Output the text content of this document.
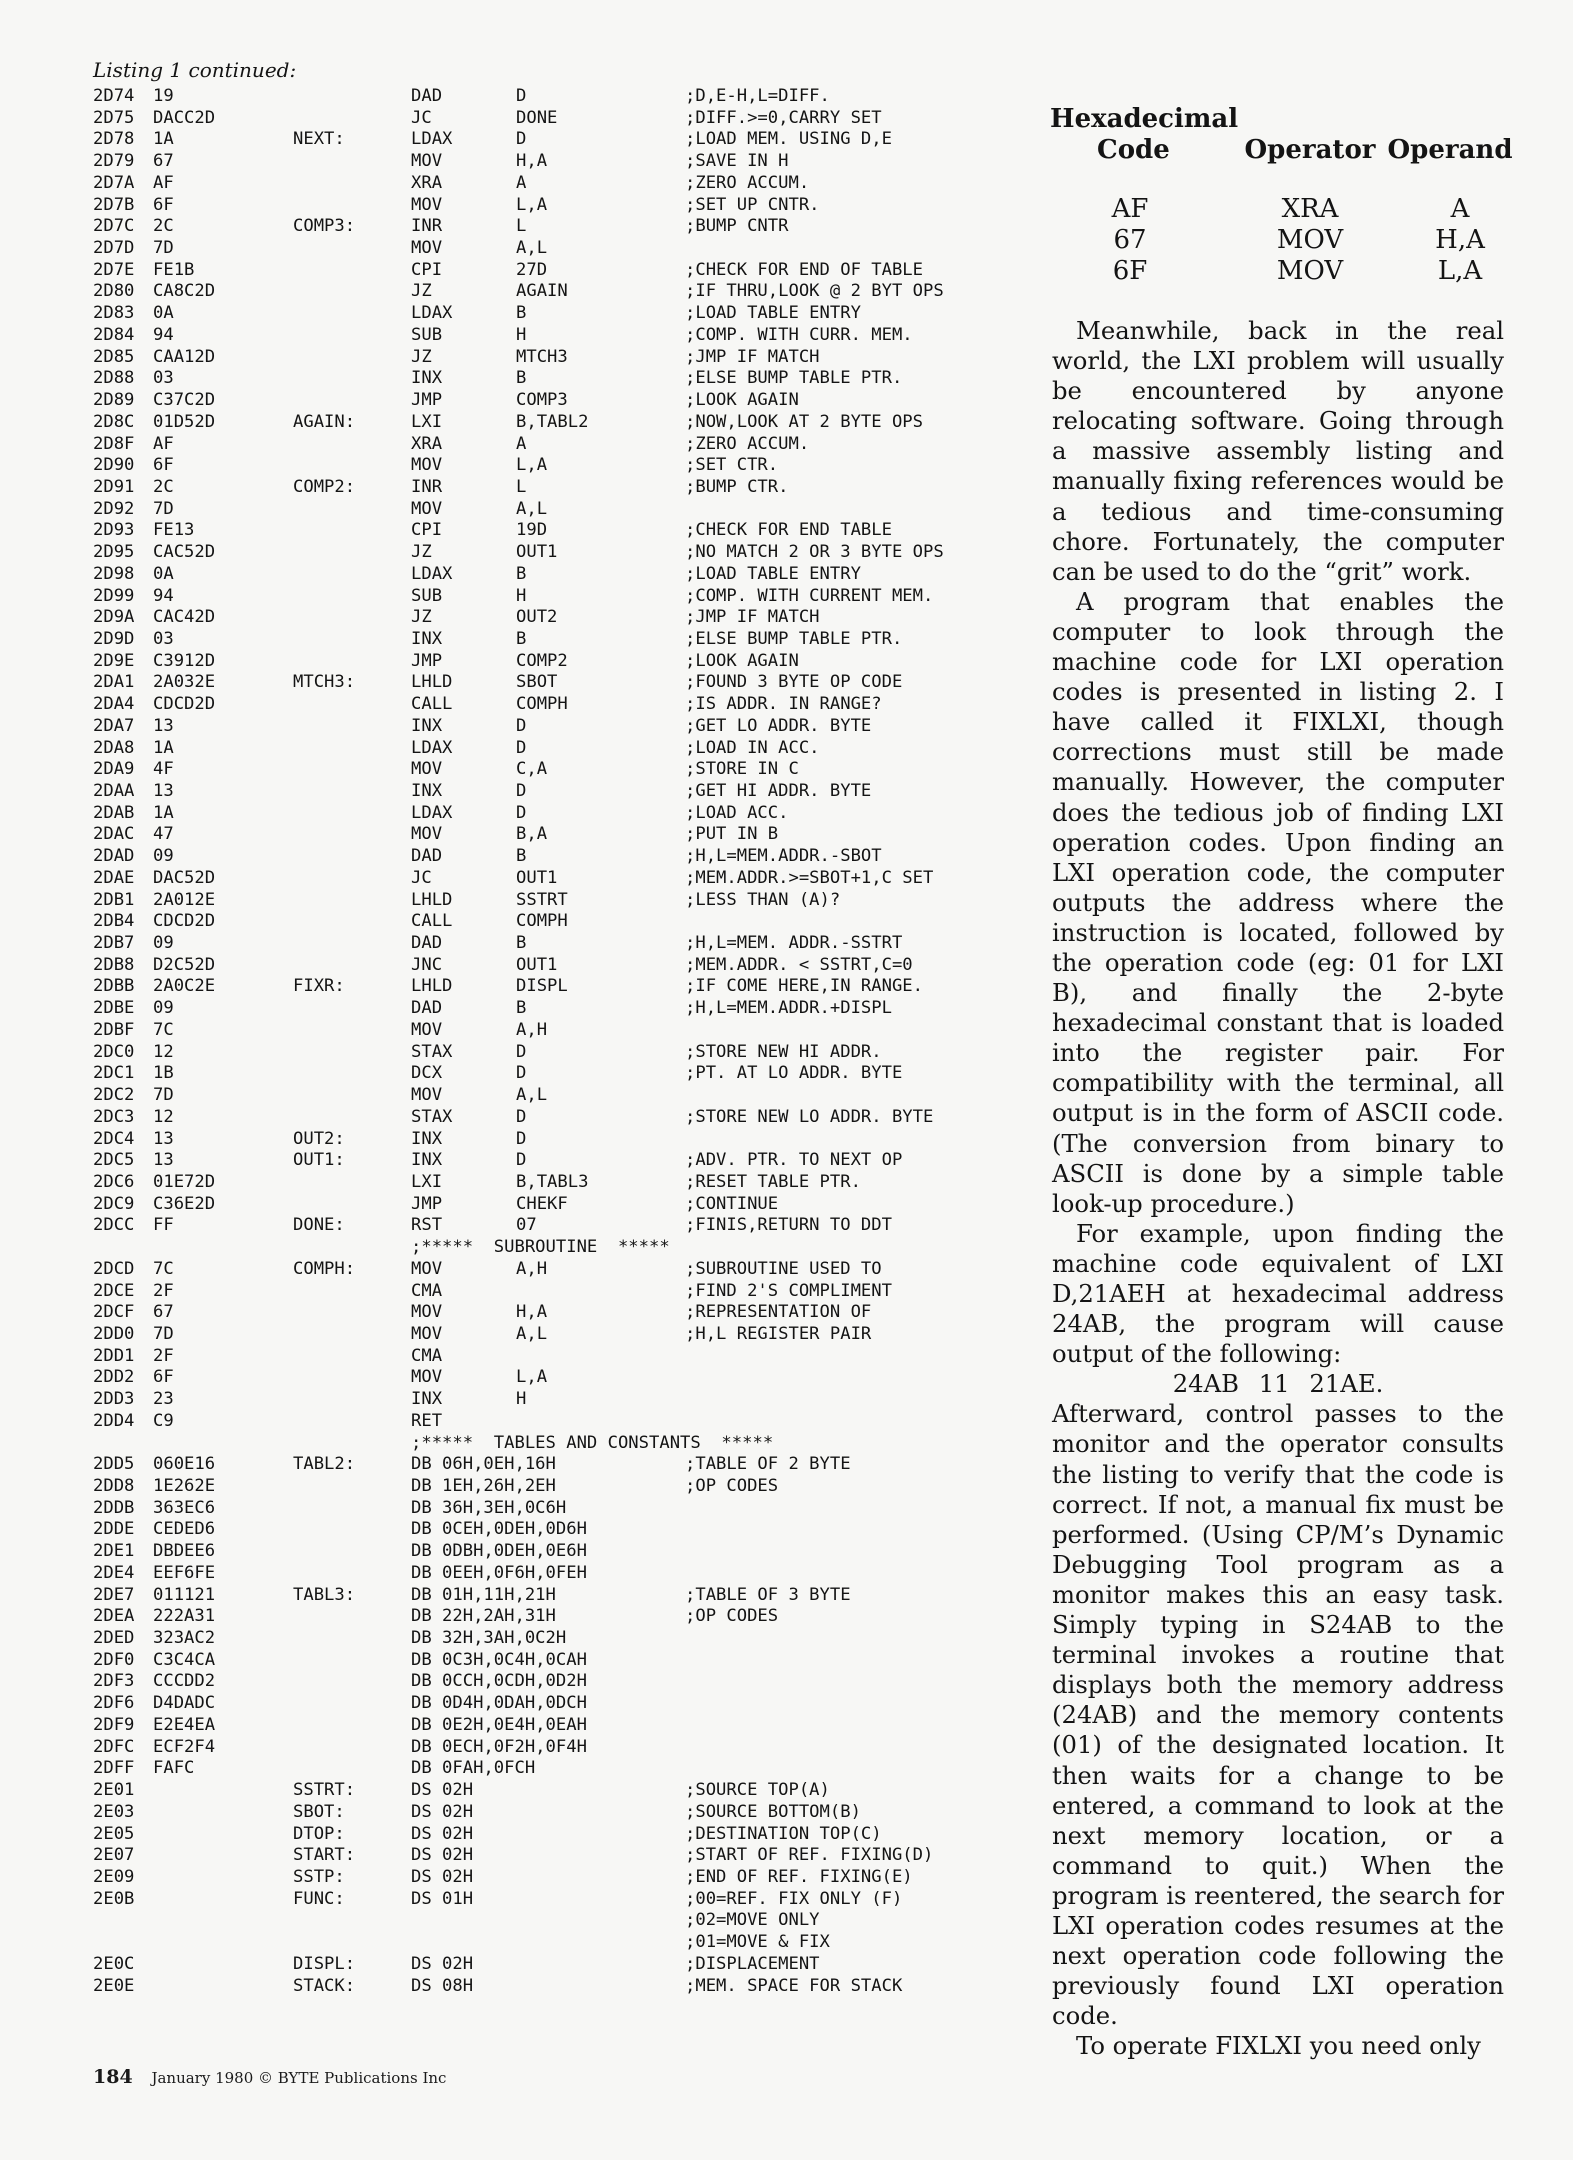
Listing 1 continued:
2D74 19	DAD	D	;D,E-H,L=DIFF.
2D75 DACC2D	JC	DONE	;DIFF.>=0,CARRY SET
2D78 1A	NEXT:	LDAX	D	;LOAD MEM. USING D,E
2D79 67	MOV	H,A	;SAVE IN H
2D7A AF	XRA	A	;ZERO ACCUM.
2D7B 6F	MOV	L,A	;SET UP CNTR.
2D7C 2C	COMP3:	INR	L	;BUMP CNTR
2D7D 7D	MOV	A,L
2D7E FE1B	CPI	27D	;CHECK FOR END OF TABLE
2D80 CA8C2D	JZ	AGAIN	;IF THRU,LOOK @ 2 BYT OPS
2D83 0A	LDAX	B	;LOAD TABLE ENTRY
2D84 94	SUB	H	;COMP. WITH CURR. MEM.
2D85 CAA12D	JZ	MTCH3	;JMP IF MATCH
2D88 03	INX	B	;ELSE BUMP TABLE PTR.
2D89 C37C2D	JMP	COMP3	;LOOK AGAIN
2D8C 01D52D	AGAIN:	LXI	B,TABL2	;NOW,LOOK AT 2 BYTE OPS
2D8F AF	XRA	A	;ZERO ACCUM.
2D90 6F	MOV	L,A	;SET CTR.
2D91 2C	COMP2:	INR	L	;BUMP CTR.
2D92 7D	MOV	A,L
2D93 FE13	CPI	19D	;CHECK FOR END TABLE
2D95 CAC52D	JZ	OUT1	;NO MATCH 2 OR 3 BYTE OPS
2D98 0A	LDAX	B	;LOAD TABLE ENTRY
2D99 94	SUB	H	;COMP. WITH CURRENT MEM.
2D9A CAC42D	JZ	OUT2	;JMP IF MATCH
2D9D 03	INX	B	;ELSE BUMP TABLE PTR.
2D9E C3912D	JMP	COMP2	;LOOK AGAIN
2DA1 2A032E	MTCH3:	LHLD	SBOT	;FOUND 3 BYTE OP CODE
2DA4 CDCD2D	CALL	COMPH	;IS ADDR. IN RANGE?
2DA7 13	INX	D	;GET LO ADDR. BYTE
2DA8 1A	LDAX	D	;LOAD IN ACC.
2DA9 4F	MOV	C,A	;STORE IN C
2DAA 13	INX	D	;GET HI ADDR. BYTE
2DAB 1A	LDAX	D	;LOAD ACC.
2DAC 47	MOV	B,A	;PUT IN B
2DAD 09	DAD	B	;H,L=MEM.ADDR.-SBOT
2DAE DAC52D	JC	OUT1	;MEM.ADDR.>=SBOT+1,C SET
2DB1 2A012E	LHLD	SSTRT	;LESS THAN (A)?
2DB4 CDCD2D	CALL	COMPH
2DB7 09	DAD	B	;H,L=MEM. ADDR.-SSTRT
2DB8 D2C52D	JNC	OUT1	;MEM.ADDR. < SSTRT,C=0
2DBB 2A0C2E	FIXR:	LHLD	DISPL	;IF COME HERE,IN RANGE.
2DBE 09	DAD	B	;H,L=MEM.ADDR.+DISPL
2DBF 7C	MOV	A,H
2DC0 12	STAX	D	;STORE NEW HI ADDR.
2DC1 1B	DCX	D	;PT. AT LO ADDR. BYTE
2DC2 7D	MOV	A,L
2DC3 12	STAX	D	;STORE NEW LO ADDR. BYTE
2DC4 13	OUT2:	INX	D
2DC5 13	OUT1:	INX	D	;ADV. PTR. TO NEXT OP
2DC6 01E72D	LXI	B,TABL3	;RESET TABLE PTR.
2DC9 C36E2D	JMP	CHEKF	;CONTINUE
2DCC FF	DONE:	RST	07	;FINIS,RETURN TO DDT
;*****  SUBROUTINE  *****
2DCD 7C	COMPH:	MOV	A,H	;SUBROUTINE USED TO
2DCE 2F	CMA	;FIND 2'S COMPLIMENT
2DCF 67	MOV	H,A	;REPRESENTATION OF
2DD0 7D	MOV	A,L	;H,L REGISTER PAIR
2DD1 2F	CMA
2DD2 6F	MOV	L,A
2DD3 23	INX	H
2DD4 C9	RET
;*****  TABLES AND CONSTANTS  *****
2DD5 060E16	TABL2:	DB 06H,0EH,16H	;TABLE OF 2 BYTE
2DD8 1E262E	DB 1EH,26H,2EH	;OP CODES
2DDB 363EC6	DB 36H,3EH,0C6H
2DDE CEDED6	DB 0CEH,0DEH,0D6H
2DE1 DBDEE6	DB 0DBH,0DEH,0E6H
2DE4 EEF6FE	DB 0EEH,0F6H,0FEH
2DE7 011121	TABL3:	DB 01H,11H,21H	;TABLE OF 3 BYTE
2DEA 222A31	DB 22H,2AH,31H	;OP CODES
2DED 323AC2	DB 32H,3AH,0C2H
2DF0 C3C4CA	DB 0C3H,0C4H,0CAH
2DF3 CCCDD2	DB 0CCH,0CDH,0D2H
2DF6 D4DADC	DB 0D4H,0DAH,0DCH
2DF9 E2E4EA	DB 0E2H,0E4H,0EAH
2DFC ECF2F4	DB 0ECH,0F2H,0F4H
2DFF FAFC	DB 0FAH,0FCH
2E01	SSTRT:	DS 02H	;SOURCE TOP(A)
2E03	SBOT:	DS 02H	;SOURCE BOTTOM(B)
2E05	DTOP:	DS 02H	;DESTINATION TOP(C)
2E07	START:	DS 02H	;START OF REF. FIXING(D)
2E09	SSTP:	DS 02H	;END OF REF. FIXING(E)
2E0B	FUNC:	DS 01H	;00=REF. FIX ONLY (F)
;02=MOVE ONLY
;01=MOVE & FIX
2E0C	DISPL:	DS 02H	;DISPLACEMENT
2E0E	STACK:	DS 08H	;MEM. SPACE FOR STACK
Hexadecimal
Code	Operator Operand
AF	XRA	A
67	MOV	H,A
6F	MOV	L,A

Meanwhile, back in the real world, the LXI problem will usually be encountered by anyone relocating software. Going through a massive assembly listing and manually fixing references would be a tedious and time-consuming chore. Fortunately, the computer can be used to do the “grit” work.

A program that enables the computer to look through the machine code for LXI operation codes is presented in listing 2. I have called it FIXLXI, though corrections must still be made manually. However, the computer does the tedious job of finding LXI operation codes. Upon finding an LXI operation code, the computer outputs the address where the instruction is located, followed by the operation code (eg: 01 for LXI B), and finally the 2-byte hexadecimal constant that is loaded into the register pair. For compatibility with the terminal, all output is in the form of ASCII code. (The conversion from binary to ASCII is done by a simple table look-up procedure.)

For example, upon finding the machine code equivalent of LXI D,21AEH at hexadecimal address 24AB, the program will cause output of the following:

24AB 11 21AE.

Afterward, control passes to the monitor and the operator consults the listing to verify that the code is correct. If not, a manual fix must be performed. (Using CP/M’s Dynamic Debugging Tool program as a monitor makes this an easy task. Simply typing in S24AB to the terminal invokes a routine that displays both the memory address (24AB) and the memory contents (01) of the designated location. It then waits for a change to be entered, a command to look at the next memory location, or a command to quit.) When the program is reentered, the search for LXI operation codes resumes at the next operation code following the previously found LXI operation code.

To operate FIXLXI you need only

184 January 1980 © BYTE Publications Inc
